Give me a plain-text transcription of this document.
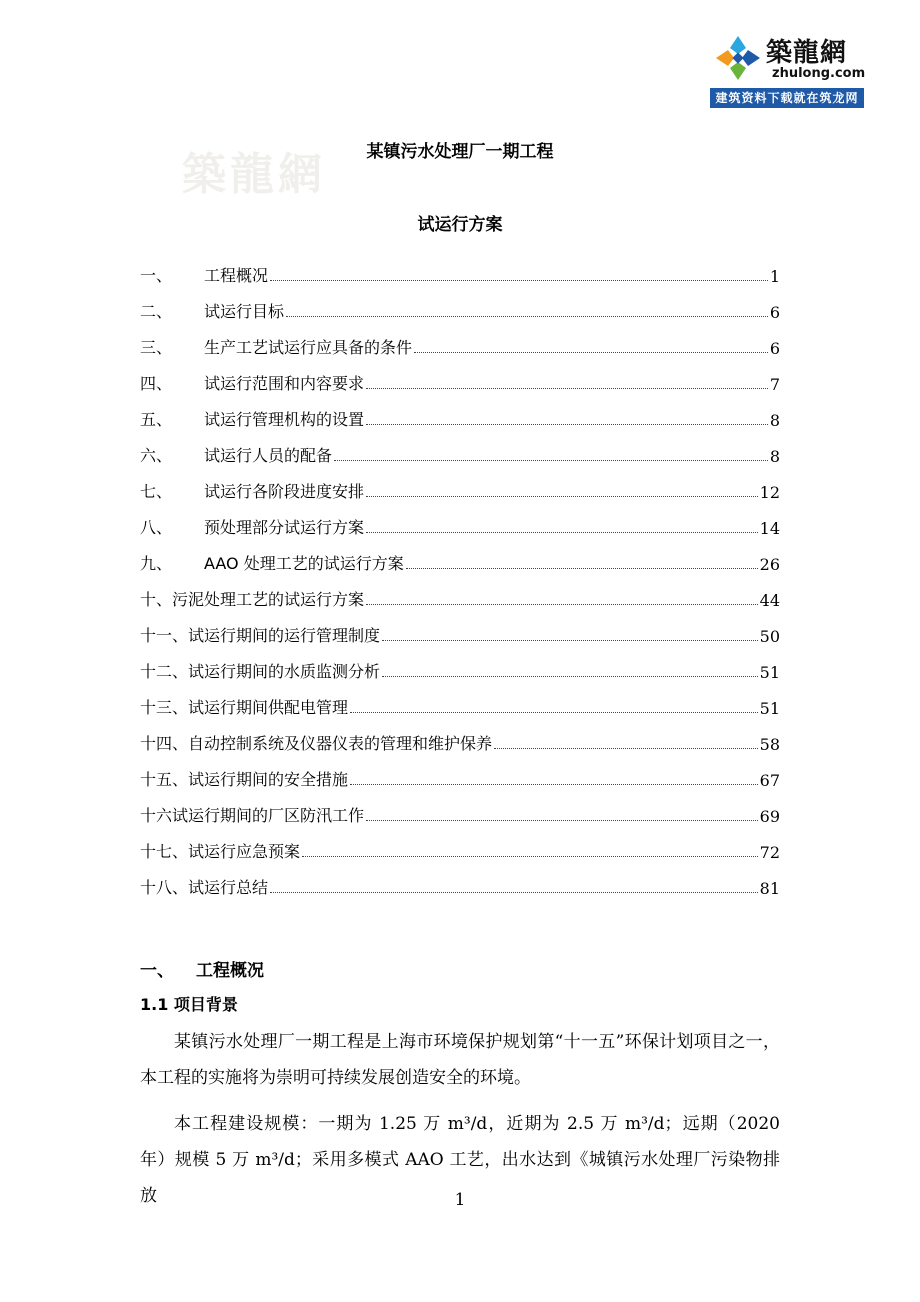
築龍網
zhulong.com
建筑资料下载就在筑龙网
築龍網	某镇污水处理厂一期工程
试运行方案
一、	工程概况	1
二、	试运行目标	6
三、	生产工艺试运行应具备的条件	6
四、	试运行范围和内容要求	7
五、	试运行管理机构的设置	8
六、	试运行人员的配备	8
七、	试运行各阶段进度安排	12
八、	预处理部分试运行方案	14
九、	AAO 处理工艺的试运行方案	26
十、 污泥处理工艺的试运行方案	44
十一、 试运行期间的运行管理制度	50
十二、 试运行期间的水质监测分析	51
十三、 试运行期间供配电管理	51
十四、 自动控制系统及仪器仪表的管理和维护保养	58
十五、 试运行期间的安全措施	67
十六 试运行期间的厂区防汛工作	69
十七、 试运行应急预案	72
十八、 试运行总结	81
一、	工程概况
1.1 项目背景
某镇污水处理厂一期工程是上海市环境保护规划第“十一五”环保计划项目之一，本工程的实施将为崇明可持续发展创造安全的环境。
本工程建设规模：一期为 1.25 万 m³/d，近期为 2.5 万 m³/d；远期（2020 年）规模 5 万 m³/d；采用多模式 AAO 工艺，出水达到《城镇污水处理厂污染物排放	1
